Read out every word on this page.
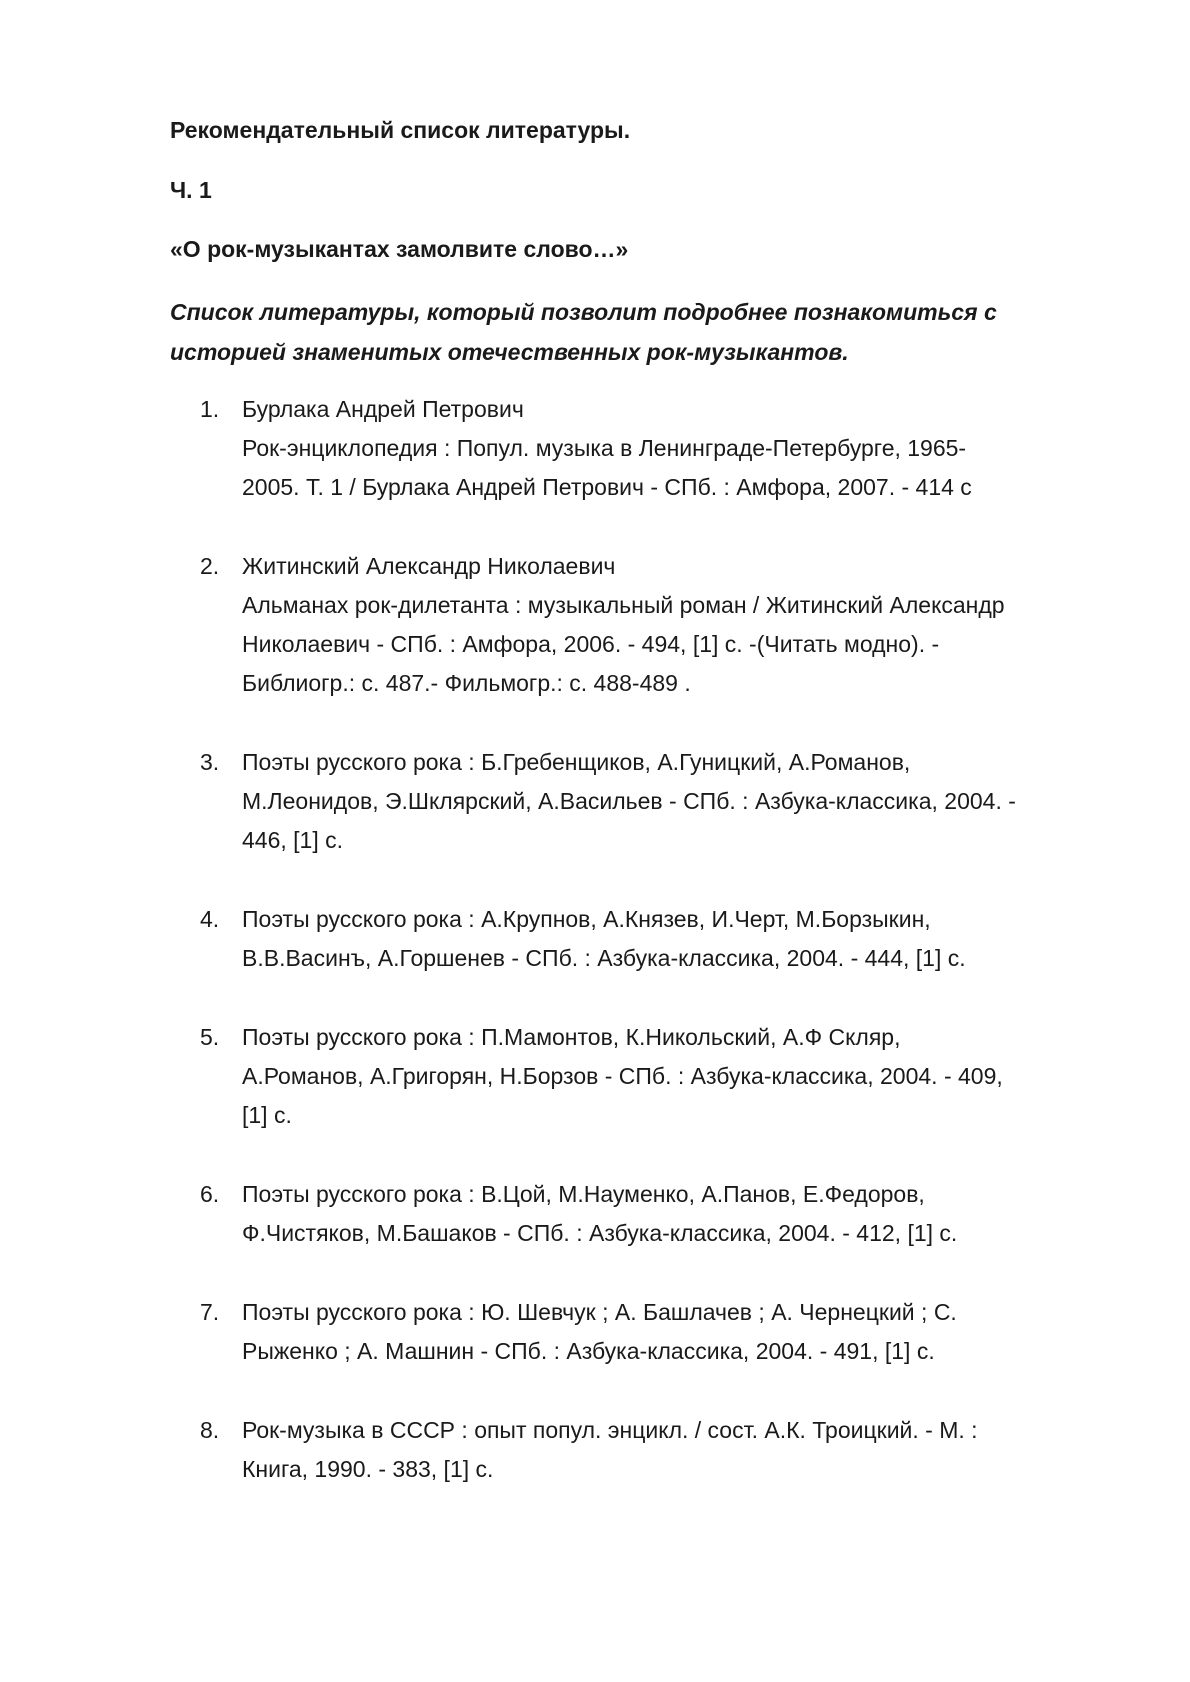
Рекомендательный список литературы.
Ч. 1
«О рок-музыкантах замолвите слово…»

Список литературы, который позволит подробнее познакомиться с
историей знаменитых отечественных рок-музыкантов.

1. Бурлака Андрей Петрович
Рок-энциклопедия : Попул. музыка в Ленинграде-Петербурге, 1965-
2005. Т. 1 / Бурлака Андрей Петрович - СПб. : Амфора, 2007. - 414 с
2. Житинский Александр Николаевич
Альманах рок-дилетанта : музыкальный роман / Житинский Александр
Николаевич - СПб. : Амфора, 2006. - 494, [1] с. -(Читать модно). -
Библиогр.: с. 487.- Фильмогр.: с. 488-489 .
3. Поэты русского рока : Б.Гребенщиков, А.Гуницкий, А.Романов,
М.Леонидов, Э.Шклярский, А.Васильев - СПб. : Азбука-классика, 2004. -
446, [1] с.
4. Поэты русского рока : А.Крупнов, А.Князев, И.Черт, М.Борзыкин,
В.В.Васинъ, А.Горшенев - СПб. : Азбука-классика, 2004. - 444, [1] с.
5. Поэты русского рока : П.Мамонтов, К.Никольский, А.Ф Скляр,
А.Романов, А.Григорян, Н.Борзов - СПб. : Азбука-классика, 2004. - 409,
[1] с.
6. Поэты русского рока : В.Цой, М.Науменко, А.Панов, Е.Федоров,
Ф.Чистяков, М.Башаков - СПб. : Азбука-классика, 2004. - 412, [1] с.
7. Поэты русского рока : Ю. Шевчук ; А. Башлачев ; А. Чернецкий ; С.
Рыженко ; А. Машнин - СПб. : Азбука-классика, 2004. - 491, [1] с.
8. Рок-музыка в СССР : опыт попул. энцикл. / сост. А.К. Троицкий. - М. :
Книга, 1990. - 383, [1] с.
